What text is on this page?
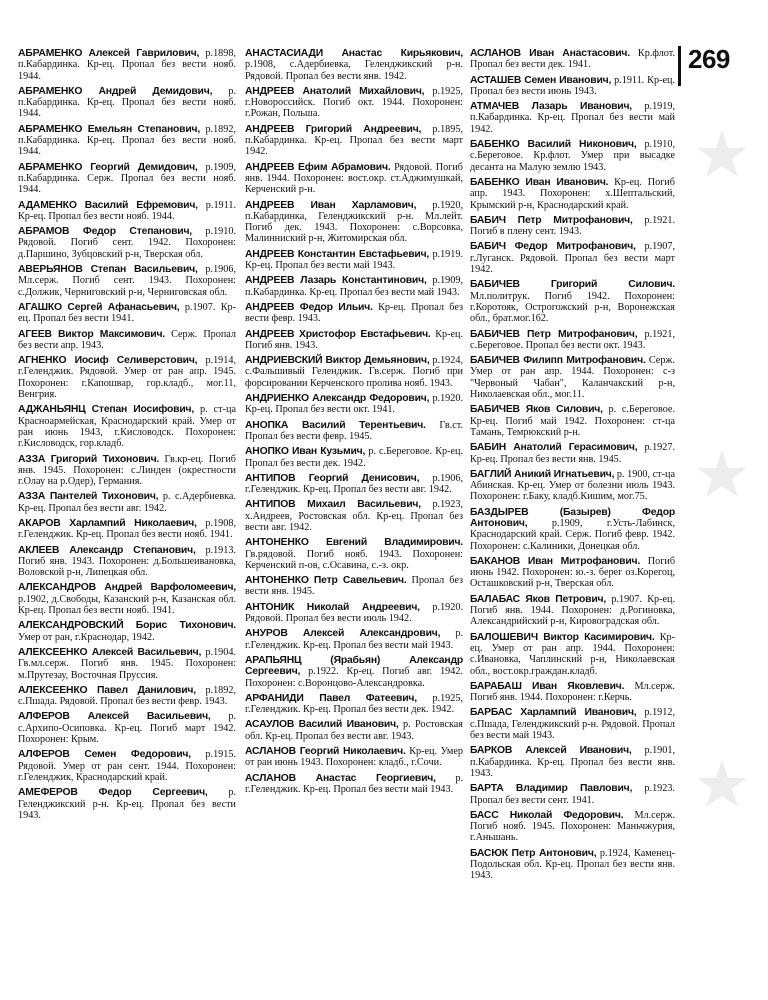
269
АБРАМЕНКО Алексей Гаврилович, р.1898, п.Кабардинка. Кр-ец. Пропал без вести нояб. 1944.
АБРАМЕНКО Андрей Демидович, р. п.Кабардинка. Кр-ец. Пропал без вести нояб. 1944.
АБРАМЕНКО Емельян Степанович, р.1892, п.Кабардинка. Кр-ец. Пропал без вести нояб. 1944.
АБРАМЕНКО Георгий Демидович, р.1909, п.Кабардинка. Серж. Пропал без вести нояб. 1944.
АДАМЕНКО Василий Ефремович, р.1911. Кр-ец. Пропал без вести нояб. 1944.
АБРАМОВ Федор Степанович, р.1910. Рядовой. Погиб сент. 1942. Похоронен: д.Паршино, Зубцовский р-н, Тверская обл.
АВЕРЬЯНОВ Степан Васильевич, р.1906, Мл.серж. Погиб сент. 1943. Похоронен: с.Должик, Черниговский р-н, Черниговская обл.
АГАШКО Сергей Афанасьевич, р.1907. Кр-ец. Пропал без вести 1941.
АГЕЕВ Виктор Максимович. Серж. Пропал без вести апр. 1943.
АГНЕНКО Иосиф Селиверстович, р.1914, г.Геленджик. Рядовой. Умер от ран апр. 1945. Похоронен: г.Капошвар, гор.кладб., мог.11, Венгрия.
АДЖАНЬЯНЦ Степан Иосифович, р. ст-ца Красноармейская, Краснодарский край. Умер от ран июнь 1943, г.Кисловодск. Похоронен: г.Кисловодск, гор.кладб.
АЗЗА Григорий Тихонович. Гв.кр-ец. Погиб янв. 1945. Похоронен: с.Линден (окрестности г.Олау на р.Одер), Германия.
АЗЗА Пантелей Тихонович, р. с.Адербиевка. Кр-ец. Пропал без вести авг. 1942.
АКАРОВ Харлампий Николаевич, р.1908, г.Геленджик. Кр-ец. Пропал без вести нояб. 1941.
АКЛЕЕВ Александр Степанович, р.1913. Погиб янв. 1943. Похоронен: д.Большеивановка, Воловской р-н, Липецкая обл.
АЛЕКСАНДРОВ Андрей Варфоломеевич, р.1902, д.Свободы, Казанский р-н, Казанская обл. Кр-ец. Пропал без вести нояб. 1941.
АЛЕКСАНДРОВСКИЙ Борис Тихонович. Умер от ран, г.Краснодар, 1942.
АЛЕКСЕЕНКО Алексей Васильевич, р.1904. Гв.мл.серж. Погиб янв. 1945. Похоронен: м.Прутезау, Восточная Пруссия.
АЛЕКСЕЕНКО Павел Данилович, р.1892, с.Пшада. Рядовой. Пропал без вести февр. 1943.
АЛФЕРОВ Алексей Васильевич, р. с.Архипо-Осиповка. Кр-ец. Погиб март 1942. Похоронен: Крым.
АЛФЕРОВ Семен Федорович, р.1915. Рядовой. Умер от ран сент. 1944. Похоронен: г.Геленджик, Краснодарский край.
АМЕФЕРОВ Федор Сергеевич, р. Геленджикский р-н. Кр-ец. Пропал без вести 1943.
АНАСТАСИАДИ Анастас Кирьякович, р.1908, с.Адербиевка, Геленджикский р-н. Рядовой. Пропал без вести янв. 1942.
АНДРЕЕВ Анатолий Михайлович, р.1925, г.Новороссийск. Погиб окт. 1944. Похоронен: г.Рожан, Польша.
АНДРЕЕВ Григорий Андреевич, р.1895, п.Кабардинка. Кр-ец. Пропал без вести март 1942.
АНДРЕЕВ Ефим Абрамович. Рядовой. Погиб янв. 1944. Похоронен: вост.окр. ст.Аджимушкай, Керченский р-н.
АНДРЕЕВ Иван Харламович, р.1920, п.Кабардинка, Геленджикский р-н. Мл.лейт. Погиб дек. 1943. Похоронен: с.Ворсовка, Малинниский р-н, Житомирская обл.
АНДРЕЕВ Константин Евстафьевич, р.1919. Кр-ец. Пропал без вести май 1943.
АНДРЕЕВ Лазарь Константинович, р.1909, п.Кабардинка. Кр-ец. Пропал без вести май 1943.
АНДРЕЕВ Федор Ильич. Кр-ец. Пропал без вести февр. 1943.
АНДРЕЕВ Христофор Евстафьевич. Кр-ец. Погиб янв. 1943.
АНДРИЕВСКИЙ Виктор Демьянович, р.1924, с.Фальшивый Геленджик. Гв.серж. Погиб при форсировании Керченского пролива нояб. 1943.
АНДРИЕНКО Александр Федорович, р.1920. Кр-ец. Пропал без вести окт. 1941.
АНОПКА Василий Терентьевич. Гв.ст. Пропал без вести февр. 1945.
АНОПКО Иван Кузьмич, р. с.Береговое. Кр-ец. Пропал без вести дек. 1942.
АНТИПОВ Георгий Денисович, р.1906, г.Геленджик. Кр-ец. Пропал без вести авг. 1942.
АНТИПОВ Михаил Васильевич, р.1923, х.Андреев, Ростовская обл. Кр-ец. Пропал без вести авг. 1942.
АНТОНЕНКО Евгений Владимирович. Гв.рядовой. Погиб нояб. 1943. Похоронен: Керченский п-ов, с.Осавина, с.-з. окр.
АНТОНЕНКО Петр Савельевич. Пропал без вести янв. 1945.
АНТОНИК Николай Андреевич, р.1920. Рядовой. Пропал без вести июль 1942.
АНУРОВ Алексей Александрович, р. г.Геленджик. Кр-ец. Пропал без вести май 1943.
АРАПЬЯНЦ (Ярабьян) Александр Сергеевич, р.1922. Кр-ец. Погиб авг. 1942. Похоронен: с.Воронцово-Александровка.
АРФАНИДИ Павел Фатеевич, р.1925, г.Геленджик. Кр-ец. Пропал без вести дек. 1942.
АСАУЛОВ Василий Иванович, р. Ростовская обл. Кр-ец. Пропал без вести авг. 1943.
АСЛАНОВ Георгий Николаевич. Кр-ец. Умер от ран июнь 1943. Похоронен: кладб., г.Сочи.
АСЛАНОВ Анастас Георгиевич, р. г.Геленджик. Кр-ец. Пропал без вести май 1943.
АСЛАНОВ Иван Анастасович. Кр.флот. Пропал без вести дек. 1941.
АСТАШЕВ Семен Иванович, р.1911. Кр-ец. Пропал без вести июнь 1943.
АТМАЧЕВ Лазарь Иванович, р.1919, п.Кабардинка. Кр-ец. Пропал без вести май 1942.
БАБЕНКО Василий Никонович, р.1910, с.Береговое. Кр.флот. Умер при высадке десанта на Малую землю 1943.
БАБЕНКО Иван Иванович. Кр-ец. Погиб апр. 1943. Похоронен: х.Шептальский, Крымский р-н, Краснодарский край.
БАБИЧ Петр Митрофанович, р.1921. Погиб в плену сент. 1943.
БАБИЧ Федор Митрофанович, р.1907, г.Луганск. Рядовой. Пропал без вести март 1942.
БАБИЧЕВ Григорий Силович. Мл.политрук. Погиб 1942. Похоронен: г.Коротояк, Острогожский р-н, Воронежская обл., брат.мог.162.
БАБИЧЕВ Петр Митрофанович, р.1921, с.Береговое. Пропал без вести окт. 1943.
БАБИЧЕВ Филипп Митрофанович. Серж. Умер от ран апр. 1944. Похоронен: с-з "Червоный Чабан", Каланчакский р-н, Николаевская обл., мог.11.
БАБИЧЕВ Яков Силович, р. с.Береговое. Кр-ец. Погиб май 1942. Похоронен: ст-ца Тамань, Темрюкский р-н.
БАБИН Анатолий Герасимович, р.1927. Кр-ец. Пропал без вести янв. 1945.
БАГЛИЙ Аникий Игнатьевич, р. 1900, ст-ца Абинская. Кр-ец. Умер от болезни июль 1943. Похоронен: г.Баку, кладб.Кишим, мог.75.
БАЗДЫРЕВ (Базырев) Федор Антонович, р.1909, г.Усть-Лабинск, Краснодарский край. Серж. Погиб февр. 1942. Похоронен: с.Калиники, Донецкая обл.
БАКАНОВ Иван Митрофанович. Погиб июнь 1942. Похоронен: ю.-з. берег оз.Корегоц, Осташковский р-н, Тверская обл.
БАЛАБАС Яков Петрович, р.1907. Кр-ец. Погиб янв. 1944. Похоронен: д.Рогиновка, Александрийский р-н, Кировоградская обл.
БАЛОШЕВИЧ Виктор Касимирович. Кр-ец. Умер от ран апр. 1944. Похоронен: с.Ивановка, Чаплинский р-н, Николаевская обл., вост.окр.граждан.кладб.
БАРАБАШ Иван Яковлевич. Мл.серж. Погиб янв. 1944. Похоронен: г.Керчь.
БАРБАС Харлампий Иванович, р.1912, с.Пшада, Геленджикский р-н. Рядовой. Пропал без вести май 1943.
БАРКОВ Алексей Иванович, р.1901, п.Кабардинка. Кр-ец. Пропал без вести янв. 1943.
БАРТА Владимир Павлович, р.1923. Пропал без вести сент. 1941.
БАСС Николай Федорович. Мл.серж. Погиб нояб. 1945. Похоронен: Маньчжурия, г.Аньшань.
БАСЮК Петр Антонович, р.1924, Каменец-Подольская обл. Кр-ец. Пропал без вести янв. 1943.
